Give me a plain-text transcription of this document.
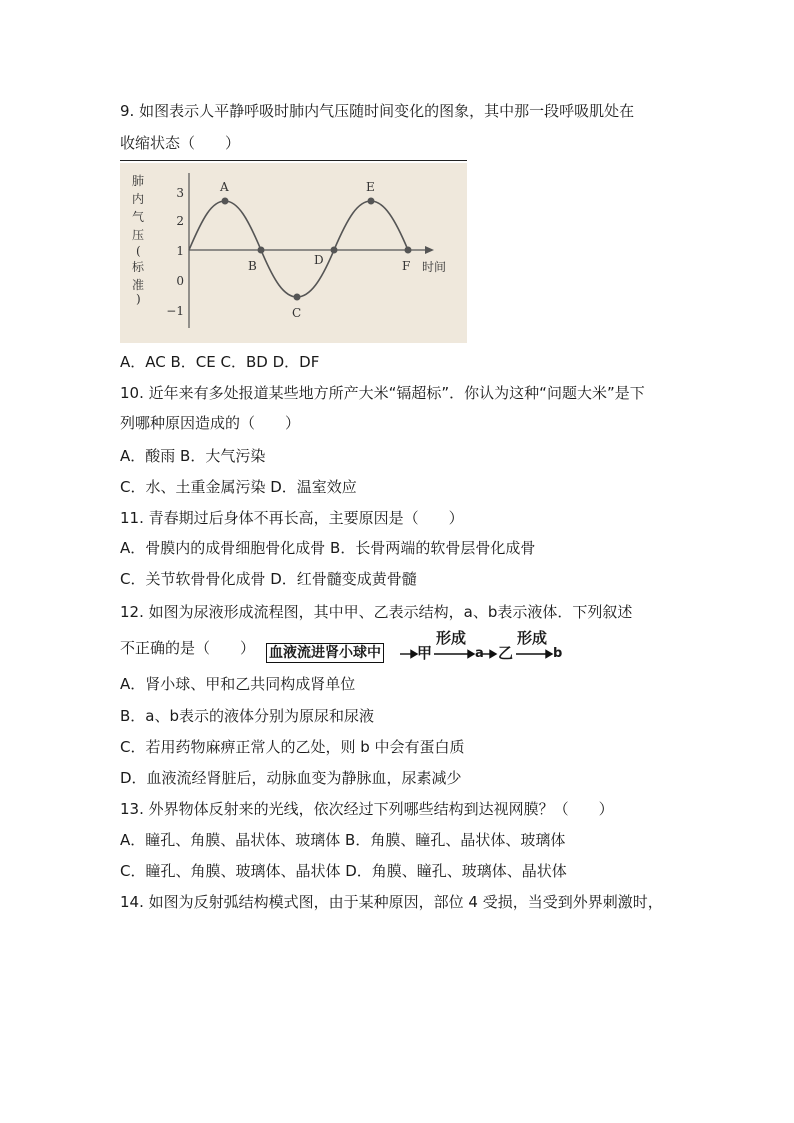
9. 如图表示人平静呼吸时肺内气压随时间变化的图象，其中那一段呼吸肌处在
收缩状态（　　）
肺
内
气
压
(
标
准
)
3
2
1
0
−1
A
B
C
D
E
F 时间
A．AC B．CE C．BD D．DF
10. 近年来有多处报道某些地方所产大米“镉超标”．你认为这种“问题大米”是下
列哪种原因造成的（　　）
A．酸雨 B．大气污染
C．水、土重金属污染 D．温室效应
11. 青春期过后身体不再长高，主要原因是（　　）
A．骨膜内的成骨细胞骨化成骨 B．长骨两端的软骨层骨化成骨
C．关节软骨骨化成骨 D．红骨髓变成黄骨髓
12. 如图为尿液形成流程图，其中甲、乙表示结构，a、b表示液体．下列叙述
不正确的是（　　） 血液流进肾小球中 甲
形成
a 乙
形成
b
A．肾小球、甲和乙共同构成肾单位
B．a、b表示的液体分别为原尿和尿液
C．若用药物麻痹正常人的乙处，则 b 中会有蛋白质
D．血液流经肾脏后，动脉血变为静脉血，尿素减少
13. 外界物体反射来的光线，依次经过下列哪些结构到达视网膜？（　　）
A．瞳孔、角膜、晶状体、玻璃体 B．角膜、瞳孔、晶状体、玻璃体
C．瞳孔、角膜、玻璃体、晶状体 D．角膜、瞳孔、玻璃体、晶状体
14. 如图为反射弧结构模式图，由于某种原因，部位 4 受损，当受到外界刺激时，
